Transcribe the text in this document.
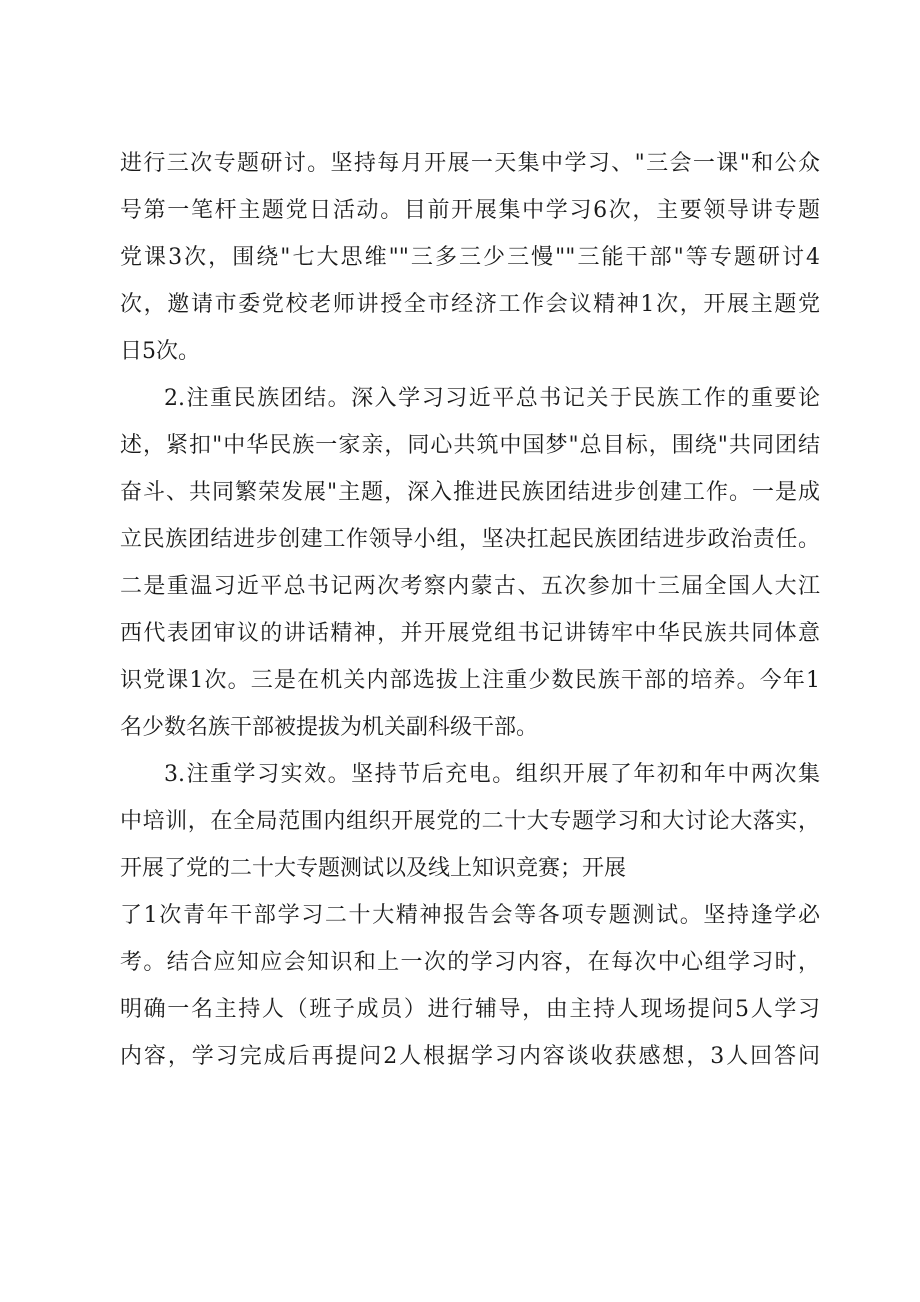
进行三次专题研讨。坚持每月开展一天集中学习、"三会一课"和公众
号第一笔杆主题党日活动。目前开展集中学习6次，主要领导讲专题
党课3次，围绕"七大思维""三多三少三慢""三能干部"等专题研讨4
次，邀请市委党校老师讲授全市经济工作会议精神1次，开展主题党
日5次。
2.注重民族团结。深入学习习近平总书记关于民族工作的重要论
述，紧扣"中华民族一家亲，同心共筑中国梦"总目标，围绕"共同团结
奋斗、共同繁荣发展"主题，深入推进民族团结进步创建工作。一是成
立民族团结进步创建工作领导小组，坚决扛起民族团结进步政治责任。
二是重温习近平总书记两次考察内蒙古、五次参加十三届全国人大江
西代表团审议的讲话精神，并开展党组书记讲铸牢中华民族共同体意
识党课1次。三是在机关内部选拔上注重少数民族干部的培养。今年1
名少数名族干部被提拔为机关副科级干部。
3.注重学习实效。坚持节后充电。组织开展了年初和年中两次集
中培训，在全局范围内组织开展党的二十大专题学习和大讨论大落实，
开展了党的二十大专题测试以及线上知识竞赛；开展
了1次青年干部学习二十大精神报告会等各项专题测试。坚持逢学必
考。结合应知应会知识和上一次的学习内容，在每次中心组学习时，
明确一名主持人（班子成员）进行辅导，由主持人现场提问5人学习
内容，学习完成后再提问2人根据学习内容谈收获感想，3人回答问
